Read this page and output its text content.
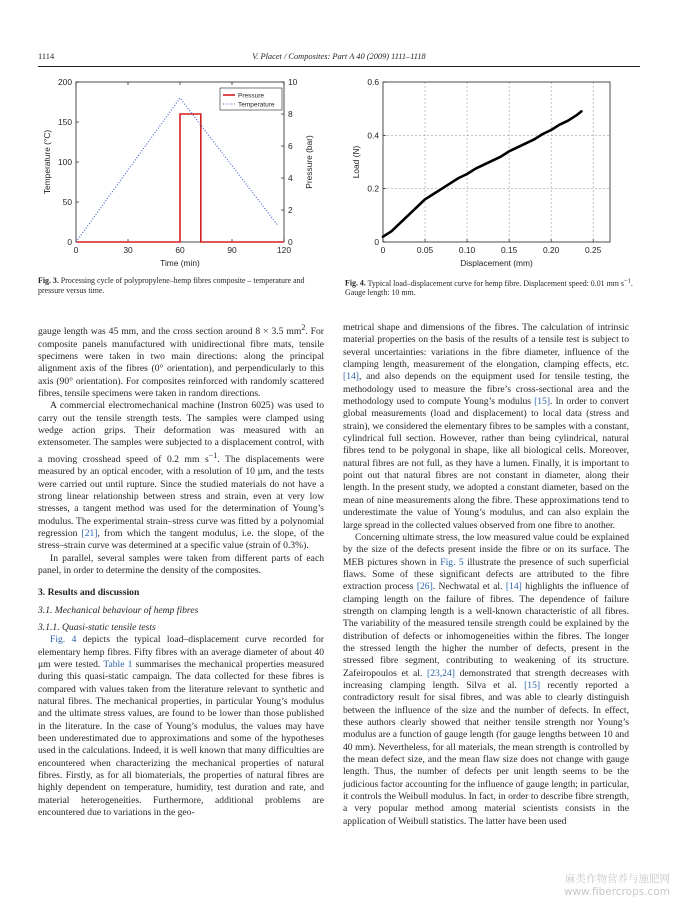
1114	V. Placet / Composites: Part A 40 (2009) 1111–1118
0	30	60	90	120
0
50
100
150
200
0
2
4
6
8
10
Time (min)
Temperature (°C)	Pressure (bar)
Pressure
Temperature
Fig. 3. Processing cycle of polypropylene–hemp fibres composite – temperature and pressure versus time.
0	0.05	0.10	0.15	0.20	0.25
0
0.2
0.4
0.6
Displacement (mm)
Load (N)
Fig. 4. Typical load–displacement curve for hemp fibre. Displacement speed: 0.01 mm $s^{-1}$. Gauge length: 10 mm.

gauge length was 45 mm, and the cross section around 8 × 3.5 $mm^2$. For composite panels manufactured with unidirectional fibre mats, tensile specimens were taken in two main directions: along the principal alignment axis of the fibres (0° orientation), and perpendicularly to this axis (90° orientation). For composites reinforced with randomly scattered fibres, tensile specimens were taken in random directions.

A commercial electromechanical machine (Instron 6025) was used to carry out the tensile strength tests. The samples were clamped using wedge action grips. Their deformation was measured with an extensometer. The samples were subjected to a displacement control, with a moving crosshead speed of 0.2 mm $s^{-1}$. The displacements were measured by an optical encoder, with a resolution of 10 μm, and the tests were carried out until rupture. Since the studied materials do not have a strong linear relationship between stress and strain, even at very low stresses, a tangent method was used for the determination of Young’s modulus. The experimental strain–stress curve was fitted by a polynomial regression [21], from which the tangent modulus, i.e. the slope, of the stress–strain curve was determined at a specific value (strain of 0.3%).

In parallel, several samples were taken from different parts of each panel, in order to determine the density of the composites.

3. Results and discussion

3.1. Mechanical behaviour of hemp fibres

3.1.1. Quasi-static tensile tests

Fig. 4 depicts the typical load–displacement curve recorded for elementary hemp fibres. Fifty fibres with an average diameter of about 40 μm were tested. Table 1 summarises the mechanical properties measured during this quasi-static campaign. The data collected for these fibres is compared with values taken from the literature relevant to synthetic and natural fibres. The mechanical properties, in particular Young’s modulus and the ultimate stress values, are found to be lower than those published in the literature. In the case of Young’s modulus, the values may have been underestimated due to approximations and some of the hypotheses used in the calculations. Indeed, it is well known that many difficulties are encountered when characterizing the mechanical properties of natural fibres. Firstly, as for all biomaterials, the properties of natural fibres are highly dependent on temperature, humidity, test duration and rate, and material heterogeneities. Furthermore, additional problems are encountered due to variations in the geo-

metrical shape and dimensions of the fibres. The calculation of intrinsic material properties on the basis of the results of a tensile test is subject to several uncertainties: variations in the fibre diameter, influence of the clamping length, measurement of the elongation, clamping effects, etc. [14], and also depends on the equipment used for tensile testing, the methodology used to measure the fibre’s cross-sectional area and the methodology used to compute Young’s modulus [15]. In order to convert global measurements (load and displacement) to local data (stress and strain), we considered the elementary fibres to be samples with a constant, cylindrical full section. However, rather than being cylindrical, natural fibres tend to be polygonal in shape, like all biological cells. Moreover, natural fibres are not full, as they have a lumen. Finally, it is important to point out that natural fibres are not constant in diameter, along their length. In the present study, we adopted a constant diameter, based on the mean of nine measurements along the fibre. These approximations tend to underestimate the value of Young’s modulus, and can also explain the large spread in the collected values observed from one fibre to another.

Concerning ultimate stress, the low measured value could be explained by the size of the defects present inside the fibre or on its surface. The MEB pictures shown in Fig. 5 illustrate the presence of such superficial flaws. Some of these significant defects are attributed to the fibre extraction process [26]. Nechwatal et al. [14] highlights the influence of clamping length on the failure of fibres. The dependence of failure strength on clamping length is a well-known characteristic of all fibres. The variability of the measured tensile strength could be explained by the distribution of defects or inhomogeneities within the fibres. The longer the stressed length the higher the number of defects, present in the stressed fibre segment, contributing to weakening of its structure. Zafeiropoulos et al. [23,24] demonstrated that strength decreases with increasing clamping length. Silva et al. [15] recently reported a contradictory result for sisal fibres, and was able to clearly distinguish between the influence of the size and the number of defects. In effect, these authors clearly showed that neither tensile strength nor Young’s modulus are a function of gauge length (for gauge lengths between 10 and 40 mm). Nevertheless, for all materials, the mean strength is controlled by the mean defect size, and the mean flaw size does not change with gauge length. Thus, the number of defects per unit length seems to be the judicious factor accounting for the influence of gauge length; in particular, it controls the Weibull modulus. In fact, in order to describe fibre strength, a very popular method among material scientists consists in the application of Weibull statistics. The latter have been used

麻类作物营养与施肥网
www.fibercrops.com
